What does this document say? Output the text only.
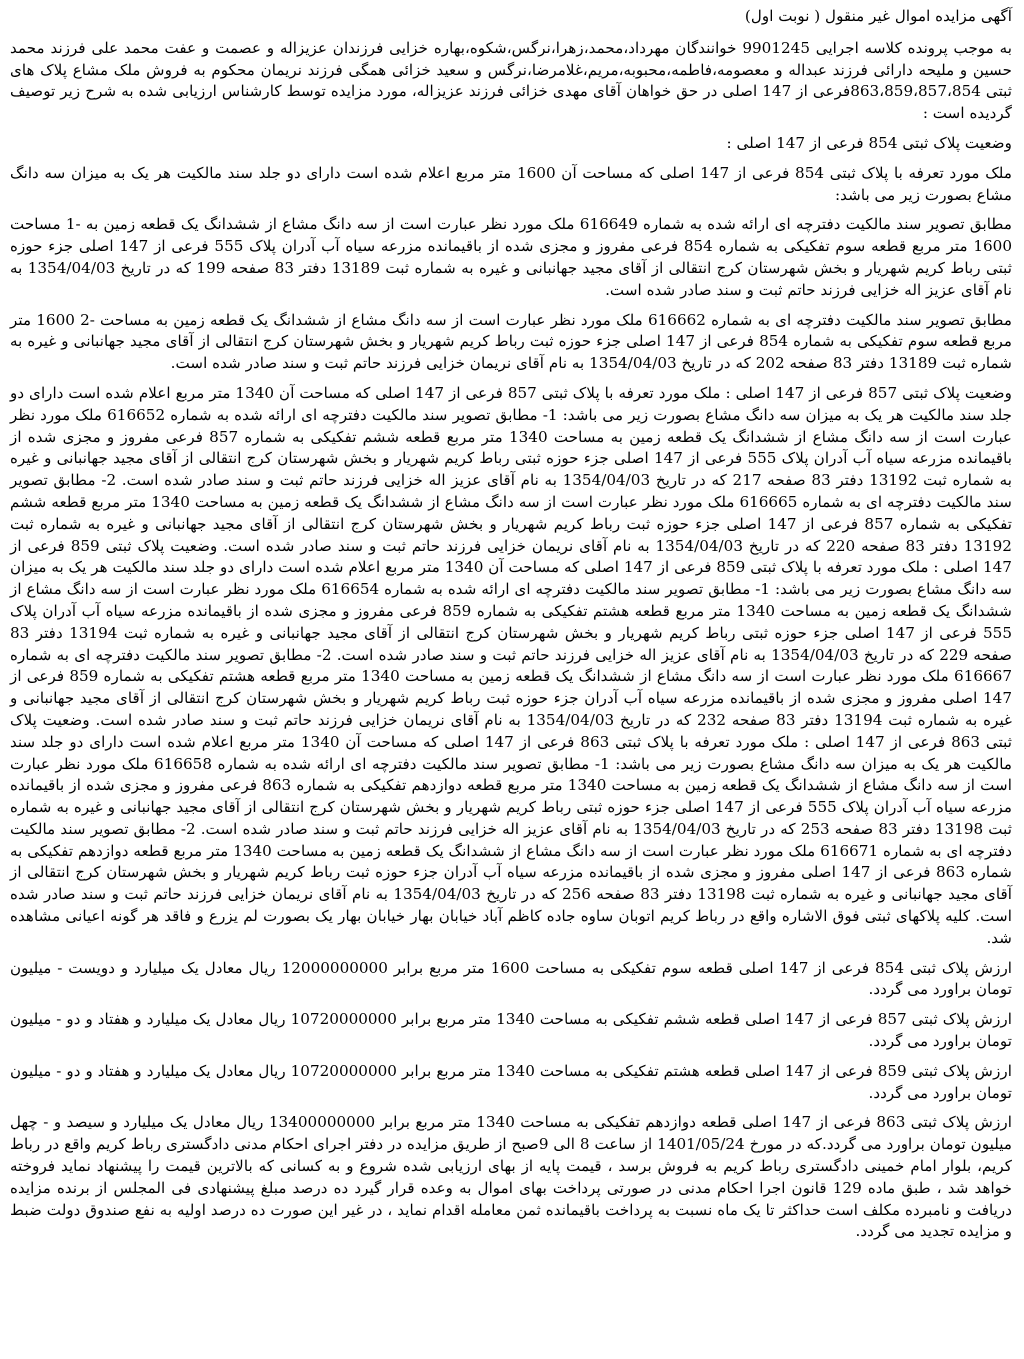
آگهی مزایده اموال غیر منقول ( نوبت اول)

به موجب پرونده کلاسه اجرایی 9901245 خوانندگان مهرداد،محمد،زهرا،نرگس،شکوه،بهاره خزایی فرزندان عزیزاله و عصمت و عفت محمد علی فرزند محمد حسین و ملیحه دارائی فرزند عبداله و معصومه،فاطمه،محبوبه،مریم،غلامرضا،نرگس و سعید خزائی همگی فرزند نریمان محکوم به فروش ملک مشاع پلاک های ثبتی 863،859،857،854فرعی از 147 اصلی در حق خواهان آقای مهدی خزائی فرزند عزیزاله، مورد مزایده توسط کارشناس ارزیابی شده به شرح زیر توصیف گردیده است :

وضعیت پلاک ثبتی 854 فرعی از 147 اصلی :

ملک مورد تعرفه با پلاک ثبتی 854 فرعی از 147 اصلی که مساحت آن 1600 متر مربع اعلام شده است دارای دو جلد سند مالکیت هر یک به میزان سه دانگ مشاع بصورت زیر می باشد:

مطابق تصویر سند مالکیت دفترچه ای ارائه شده به شماره 616649 ملک مورد نظر عبارت است از سه دانگ مشاع از ششدانگ یک قطعه زمین به -1 مساحت 1600 متر مربع قطعه سوم تفکیکی به شماره 854 فرعی مفروز و مجزی شده از باقیمانده مزرعه سیاه آب آدران پلاک 555 فرعی از 147 اصلی جزء حوزه ثبتی رباط کریم شهریار و بخش شهرستان کرج انتقالی از آقای مجید جهانبانی و غیره به شماره ثبت 13189 دفتر 83 صفحه 199 که در تاریخ 1354/04/03 به نام آقای عزیز اله خزایی فرزند حاتم ثبت و سند صادر شده است.

مطابق تصویر سند مالکیت دفترچه ای به شماره 616662 ملک مورد نظر عبارت است از سه دانگ مشاع از ششدانگ یک قطعه زمین به مساحت -2 1600 متر مربع قطعه سوم تفکیکی به شماره 854 فرعی از 147 اصلی جزء حوزه ثبت رباط کریم شهریار و بخش شهرستان کرج انتقالی از آقای مجید جهانبانی و غیره به شماره ثبت 13189 دفتر 83 صفحه 202 که در تاریخ 1354/04/03 به نام آقای نریمان خزایی فرزند حاتم ثبت و سند صادر شده است.

وضعیت پلاک ثبتی 857 فرعی از 147 اصلی : ملک مورد تعرفه با پلاک ثبتی 857 فرعی از 147 اصلی که مساحت آن 1340 متر مربع اعلام شده است دارای دو جلد سند مالکیت هر یک به میزان سه دانگ مشاع بصورت زیر می باشد: 1- مطابق تصویر سند مالکیت دفترچه ای ارائه شده به شماره 616652 ملک مورد نظر عبارت است از سه دانگ مشاع از ششدانگ یک قطعه زمین به مساحت 1340 متر مربع قطعه ششم تفکیکی به شماره 857 فرعی مفروز و مجزی شده از باقیمانده مزرعه سیاه آب آدران پلاک 555 فرعی از 147 اصلی جزء حوزه ثبتی رباط کریم شهریار و بخش شهرستان کرج انتقالی از آقای مجید جهانبانی و غیره به شماره ثبت 13192 دفتر 83 صفحه 217 که در تاریخ 1354/04/03 به نام آقای عزیز اله خزایی فرزند حاتم ثبت و سند صادر شده است. 2- مطابق تصویر سند مالکیت دفترچه ای به شماره 616665 ملک مورد نظر عبارت است از سه دانگ مشاع از ششدانگ یک قطعه زمین به مساحت 1340 متر مربع قطعه ششم تفکیکی به شماره 857 فرعی از 147 اصلی جزء حوزه ثبت رباط کریم شهریار و بخش شهرستان کرج انتقالی از آقای مجید جهانبانی و غیره به شماره ثبت 13192 دفتر 83 صفحه 220 که در تاریخ 1354/04/03 به نام آقای نریمان خزایی فرزند حاتم ثبت و سند صادر شده است. وضعیت پلاک ثبتی 859 فرعی از 147 اصلی : ملک مورد تعرفه با پلاک ثبتی 859 فرعی از 147 اصلی که مساحت آن 1340 متر مربع اعلام شده است دارای دو جلد سند مالکیت هر یک به میزان سه دانگ مشاع بصورت زیر می باشد: 1- مطابق تصویر سند مالکیت دفترچه ای ارائه شده به شماره 616654 ملک مورد نظر عبارت است از سه دانگ مشاع از ششدانگ یک قطعه زمین به مساحت 1340 متر مربع قطعه هشتم تفکیکی به شماره 859 فرعی مفروز و مجزی شده از باقیمانده مزرعه سیاه آب آدران پلاک 555 فرعی از 147 اصلی جزء حوزه ثبتی رباط کریم شهریار و بخش شهرستان کرج انتقالی از آقای مجید جهانبانی و غیره به شماره ثبت 13194 دفتر 83 صفحه 229 که در تاریخ 1354/04/03 به نام آقای عزیز اله خزایی فرزند حاتم ثبت و سند صادر شده است. 2- مطابق تصویر سند مالکیت دفترچه ای به شماره 616667 ملک مورد نظر عبارت است از سه دانگ مشاع از ششدانگ یک قطعه زمین به مساحت 1340 متر مربع قطعه هشتم تفکیکی به شماره 859 فرعی از 147 اصلی مفروز و مجزی شده از باقیمانده مزرعه سیاه آب آدران جزء حوزه ثبت رباط کریم شهریار و بخش شهرستان کرج انتقالی از آقای مجید جهانبانی و غیره به شماره ثبت 13194 دفتر 83 صفحه 232 که در تاریخ 1354/04/03 به نام آقای نریمان خزایی فرزند حاتم ثبت و سند صادر شده است. وضعیت پلاک ثبتی 863 فرعی از 147 اصلی : ملک مورد تعرفه با پلاک ثبتی 863 فرعی از 147 اصلی که مساحت آن 1340 متر مربع اعلام شده است دارای دو جلد سند مالکیت هر یک به میزان سه دانگ مشاع بصورت زیر می باشد: 1- مطابق تصویر سند مالکیت دفترچه ای ارائه شده به شماره 616658 ملک مورد نظر عبارت است از سه دانگ مشاع از ششدانگ یک قطعه زمین به مساحت 1340 متر مربع قطعه دوازدهم تفکیکی به شماره 863 فرعی مفروز و مجزی شده از باقیمانده مزرعه سیاه آب آدران پلاک 555 فرعی از 147 اصلی جزء حوزه ثبتی رباط کریم شهریار و بخش شهرستان کرج انتقالی از آقای مجید جهانبانی و غیره به شماره ثبت 13198 دفتر 83 صفحه 253 که در تاریخ 1354/04/03 به نام آقای عزیز اله خزایی فرزند حاتم ثبت و سند صادر شده است. 2- مطابق تصویر سند مالکیت دفترچه ای به شماره 616671 ملک مورد نظر عبارت است از سه دانگ مشاع از ششدانگ یک قطعه زمین به مساحت 1340 متر مربع قطعه دوازدهم تفکیکی به شماره 863 فرعی از 147 اصلی مفروز و مجزی شده از باقیمانده مزرعه سیاه آب آدران جزء حوزه ثبت رباط کریم شهریار و بخش شهرستان کرج انتقالی از آقای مجید جهانبانی و غیره به شماره ثبت 13198 دفتر 83 صفحه 256 که در تاریخ 1354/04/03 به نام آقای نریمان خزایی فرزند حاتم ثبت و سند صادر شده است. کلیه پلاکهای ثبتی فوق الاشاره واقع در رباط کریم اتوبان ساوه جاده کاظم آباد خیابان بهار خیابان بهار یک بصورت لم یزرع و فاقد هر گونه اعیانی مشاهده شد.

ارزش پلاک ثبتی 854 فرعی از 147 اصلی قطعه سوم تفکیکی به مساحت 1600 متر مربع برابر 12000000000 ریال معادل یک میلیارد و دویست - میلیون تومان براورد می گردد.

ارزش پلاک ثبتی 857 فرعی از 147 اصلی قطعه ششم تفکیکی به مساحت 1340 متر مربع برابر 10720000000 ریال معادل یک میلیارد و هفتاد و دو - میلیون تومان براورد می گردد.

ارزش پلاک ثبتی 859 فرعی از 147 اصلی قطعه هشتم تفکیکی به مساحت 1340 متر مربع برابر 10720000000 ریال معادل یک میلیارد و هفتاد و دو - میلیون تومان براورد می گردد.

ارزش پلاک ثبتی 863 فرعی از 147 اصلی قطعه دوازدهم تفکیکی به مساحت 1340 متر مربع برابر 13400000000 ریال معادل یک میلیارد و سیصد و - چهل میلیون تومان براورد می گردد.که در مورخ 1401/05/24 از ساعت 8 الی 9صبح از طریق مزایده در دفتر اجرای احکام مدنی دادگستری رباط کریم واقع در رباط کریم، بلوار امام خمینی دادگستری رباط کریم به فروش برسد ، قیمت پایه از بهای ارزیابی شده شروع و به کسانی که بالاترین قیمت را پیشنهاد نماید فروخته خواهد شد ، طبق ماده 129 قانون اجرا احکام مدنی در صورتی پرداخت بهای اموال به وعده قرار گیرد ده درصد مبلغ پیشنهادی فی المجلس از برنده مزایده دریافت و نامبرده مکلف است حداکثر تا یک ماه نسبت به پرداخت باقیمانده ثمن معامله اقدام نماید ، در غیر این صورت ده درصد اولیه به نفع صندوق دولت ضبط و مزایده تجدید می گردد.
